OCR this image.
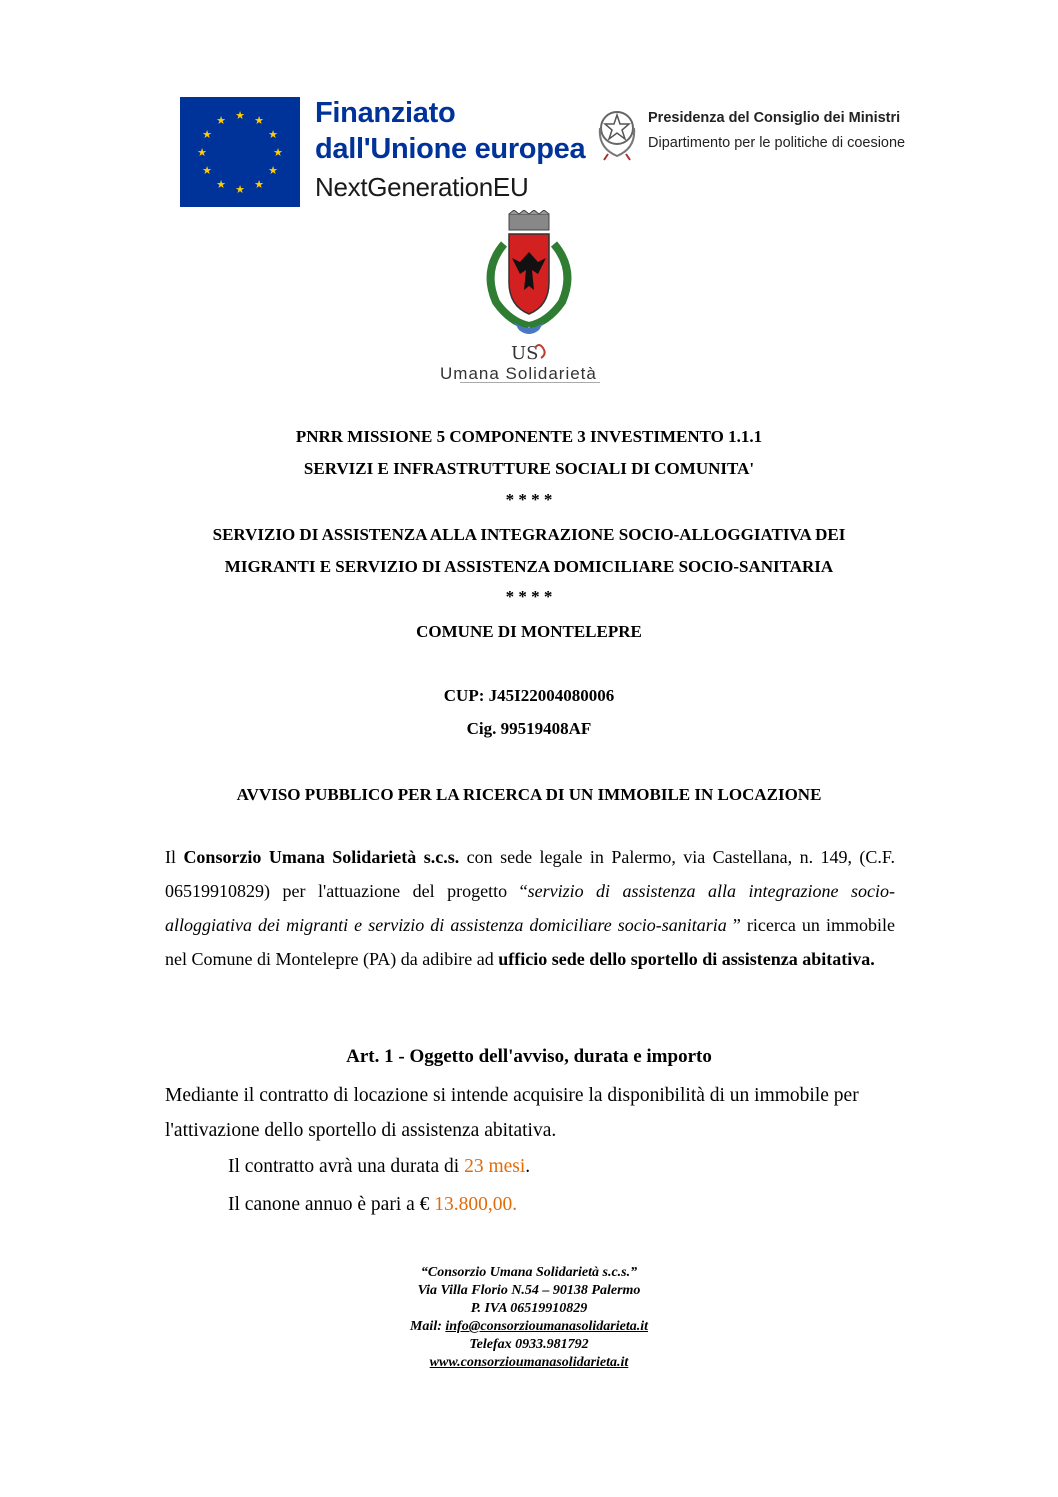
★ ★
★
★
★
★
★
★
★
★
★
★	Finanziato
dall'Unione europea
NextGenerationEU
Presidenza del Consiglio dei Ministri
Dipartimento per le politiche di coesione
US
Umana Solidarietà
PNRR MISSIONE 5 COMPONENTE 3 INVESTIMENTO 1.1.1
SERVIZI E INFRASTRUTTURE SOCIALI DI COMUNITA'
* * * *
SERVIZIO DI ASSISTENZA ALLA INTEGRAZIONE SOCIO-ALLOGGIATIVA DEI
MIGRANTI E SERVIZIO DI ASSISTENZA DOMICILIARE SOCIO-SANITARIA
* * * *
COMUNE DI MONTELEPRE
CUP: J45I22004080006
Cig. 99519408AF
AVVISO PUBBLICO PER LA RICERCA DI UN IMMOBILE IN LOCAZIONE
Il Consorzio Umana Solidarietà s.c.s. con sede legale in Palermo, via Castellana, n. 149, (C.F. 06519910829) per l'attuazione del progetto “servizio di assistenza alla integrazione socio-alloggiativa dei migranti e servizio di assistenza domiciliare socio-sanitaria ” ricerca un immobile nel Comune di Montelepre (PA) da adibire ad ufficio sede dello sportello di assistenza abitativa.
Art. 1 - Oggetto dell'avviso, durata e importo
Mediante il contratto di locazione si intende acquisire la disponibilità di un immobile per l'attivazione dello sportello di assistenza abitativa.
Il contratto avrà una durata di 23 mesi.
Il canone annuo è pari a € 13.800,00.
“Consorzio Umana Solidarietà s.c.s.”
Via Villa Florio N.54 – 90138 Palermo
P. IVA 06519910829
Mail: info@consorzioumanasolidarieta.it
Telefax 0933.981792
www.consorzioumanasolidarieta.it
